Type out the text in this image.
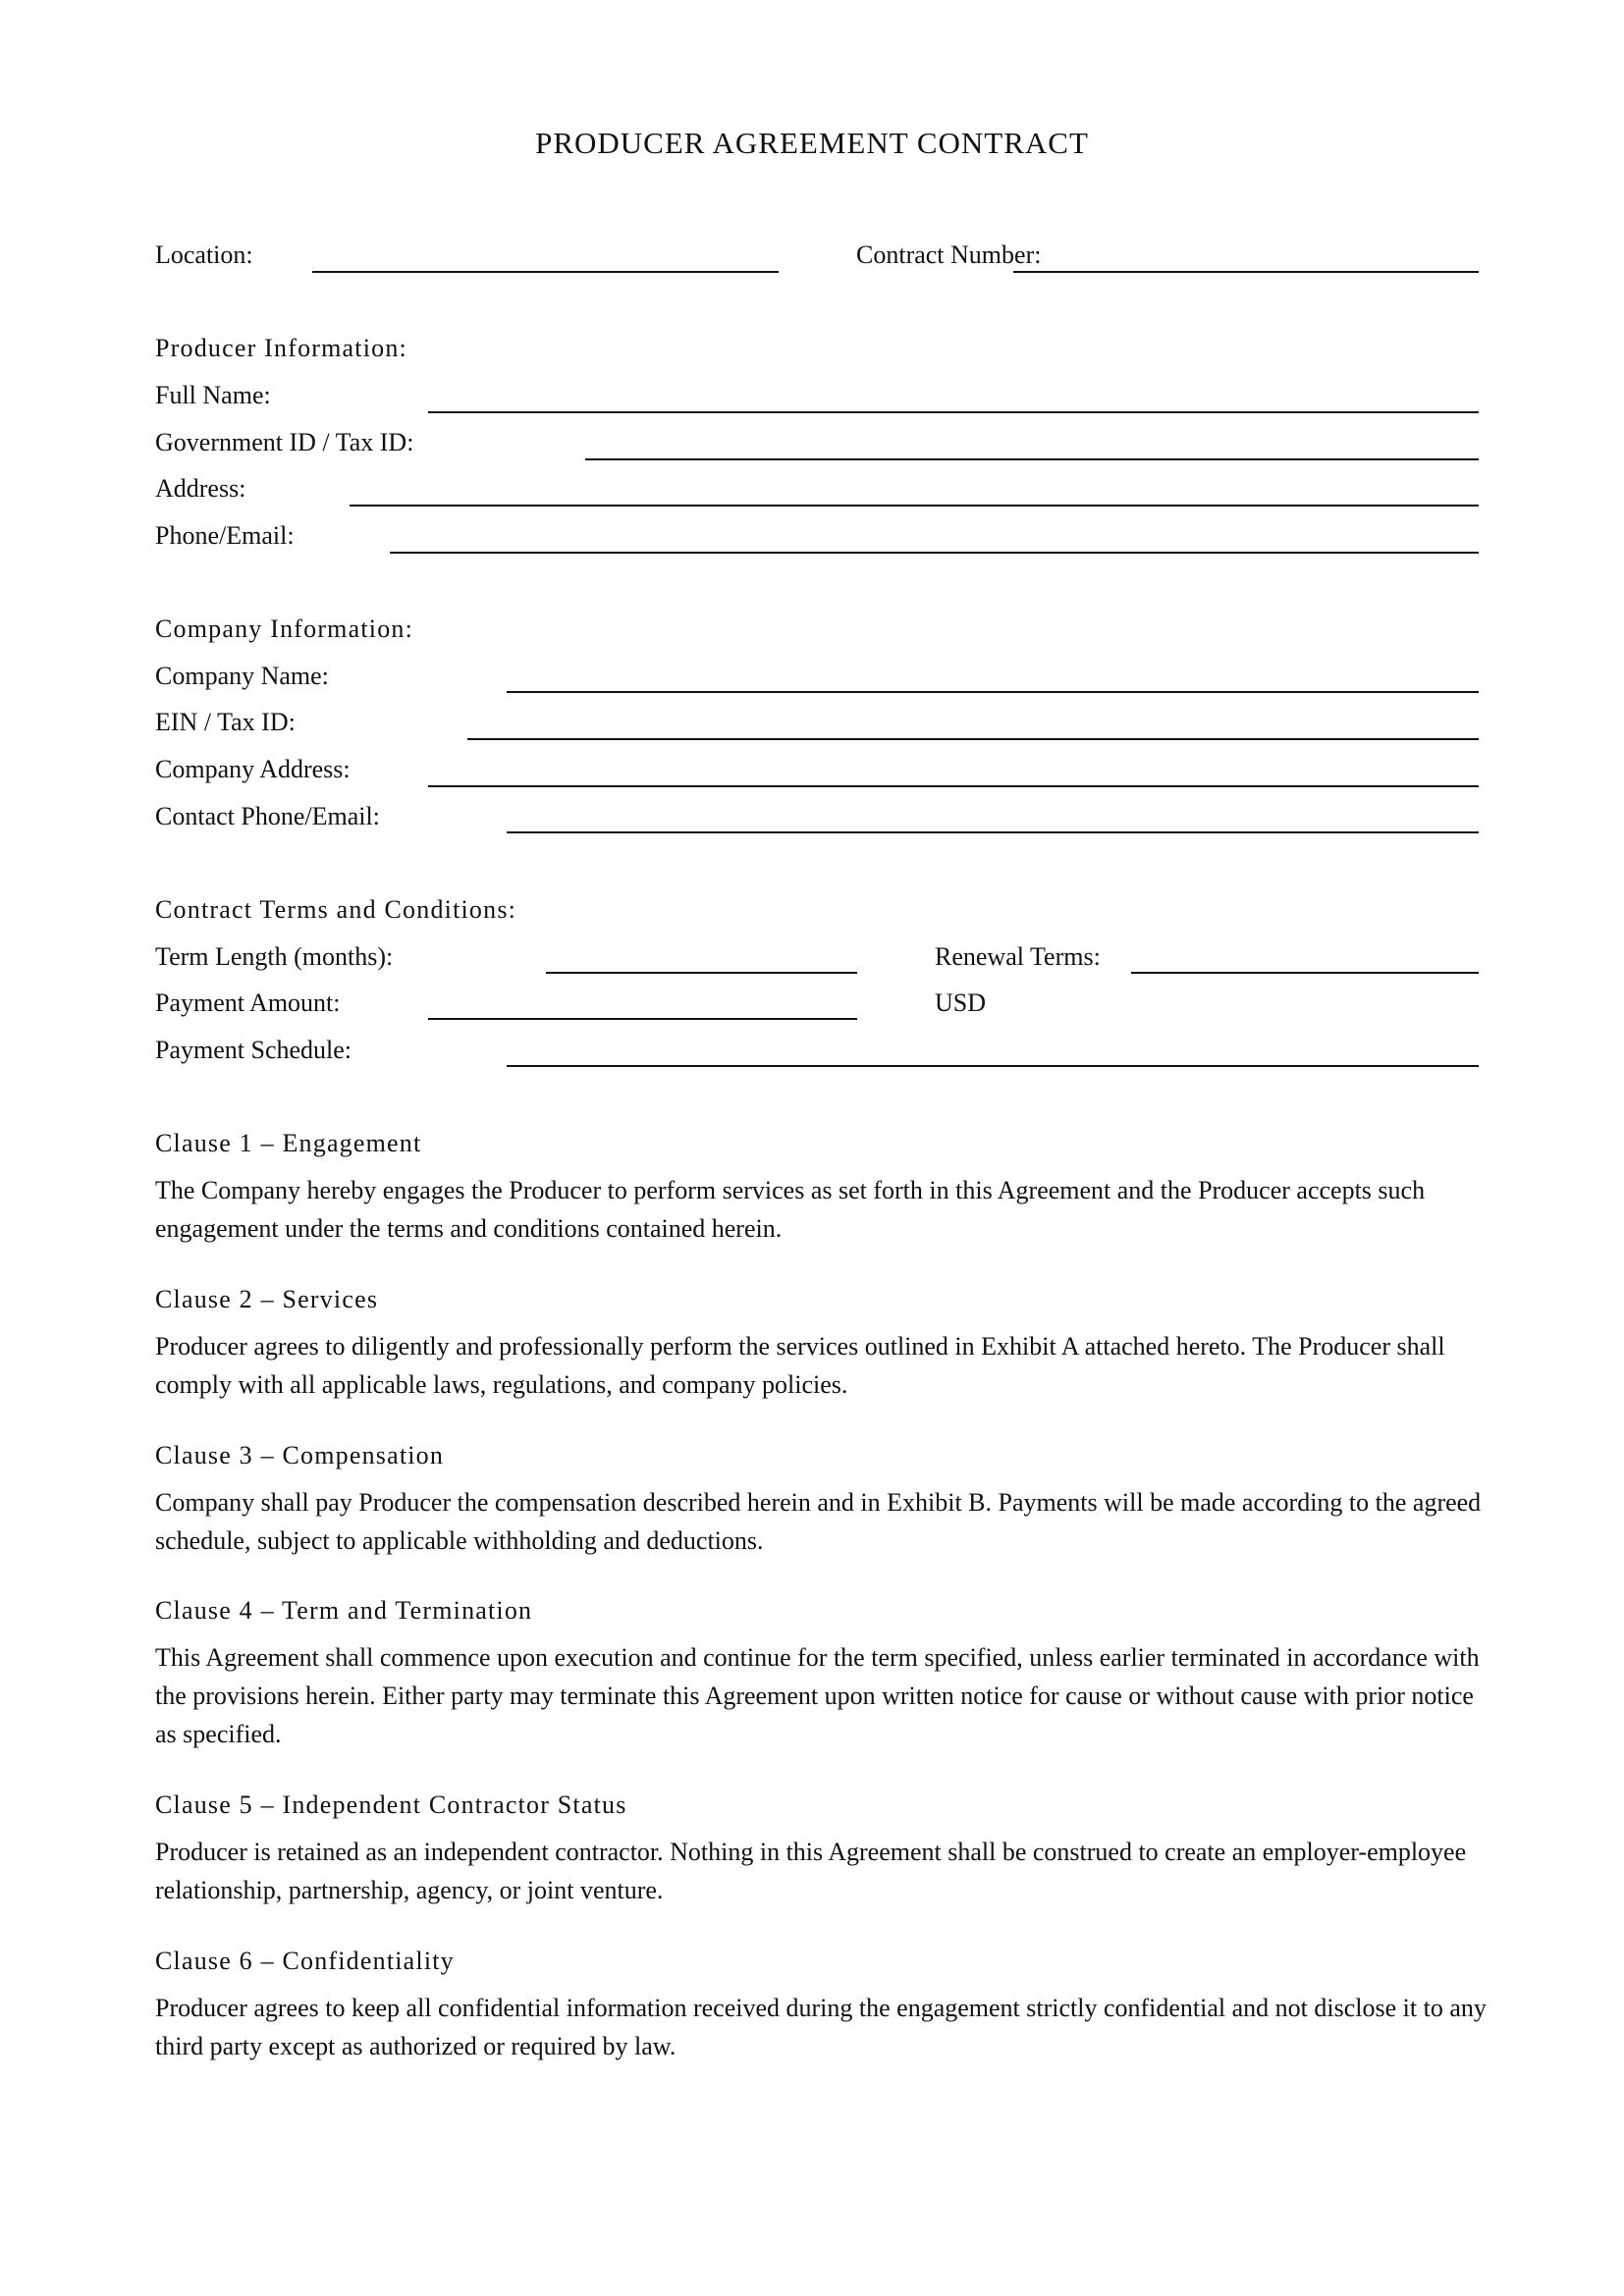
PRODUCER AGREEMENT CONTRACT
Location:	Contract Number:
Producer Information:
Full Name:
Government ID / Tax ID:
Address:
Phone/Email:
Company Information:
Company Name:
EIN / Tax ID:
Company Address:
Contact Phone/Email:
Contract Terms and Conditions:
Term Length (months):	Renewal Terms:
Payment Amount:	USD
Payment Schedule:
Clause 1 – Engagement
The Company hereby engages the Producer to perform services as set forth in this Agreement and the Producer accepts such engagement under the terms and conditions contained herein.
Clause 2 – Services
Producer agrees to diligently and professionally perform the services outlined in Exhibit A attached hereto. The Producer shall comply with all applicable laws, regulations, and company policies.
Clause 3 – Compensation
Company shall pay Producer the compensation described herein and in Exhibit B. Payments will be made according to the agreed schedule, subject to applicable withholding and deductions.
Clause 4 – Term and Termination
This Agreement shall commence upon execution and continue for the term specified, unless earlier terminated in accordance with the provisions herein. Either party may terminate this Agreement upon written notice for cause or without cause with prior notice as specified.
Clause 5 – Independent Contractor Status
Producer is retained as an independent contractor. Nothing in this Agreement shall be construed to create an employer-employee relationship, partnership, agency, or joint venture.
Clause 6 – Confidentiality
Producer agrees to keep all confidential information received during the engagement strictly confidential and not disclose it to any third party except as authorized or required by law.
